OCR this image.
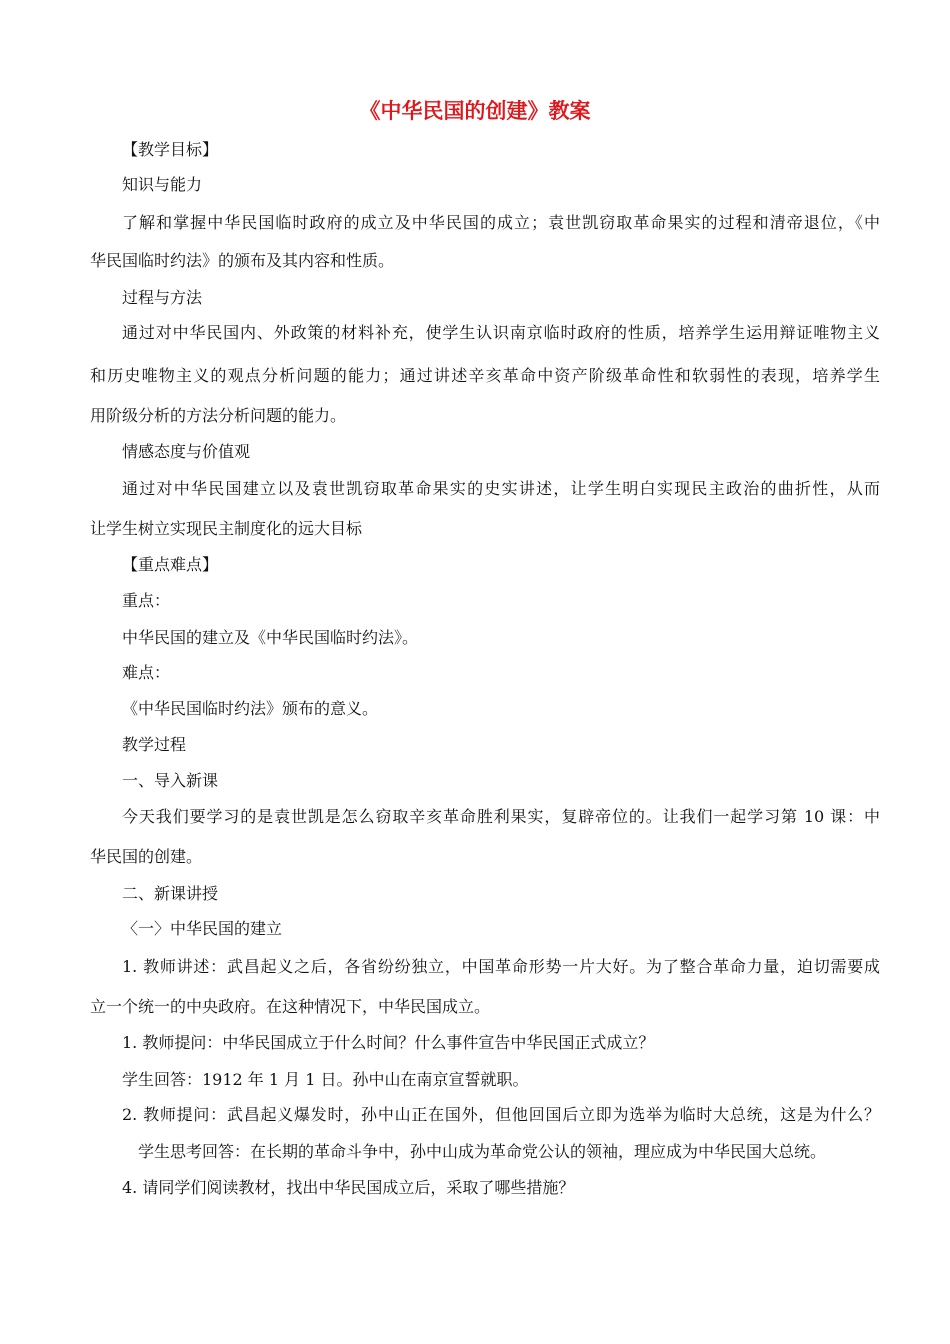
《中华民国的创建》教案
【教学目标】
知识与能力
了解和掌握中华民国临时政府的成立及中华民国的成立；袁世凯窃取革命果实的过程和清帝退位，《中
华民国临时约法》的颁布及其内容和性质。
过程与方法
通过对中华民国内、外政策的材料补充，使学生认识南京临时政府的性质，培养学生运用辩证唯物主义
和历史唯物主义的观点分析问题的能力；通过讲述辛亥革命中资产阶级革命性和软弱性的表现，培养学生
用阶级分析的方法分析问题的能力。
情感态度与价值观
通过对中华民国建立以及袁世凯窃取革命果实的史实讲述，让学生明白实现民主政治的曲折性，从而
让学生树立实现民主制度化的远大目标
【重点难点】
重点：
中华民国的建立及《中华民国临时约法》。
难点：
《中华民国临时约法》颁布的意义。
教学过程
一、导入新课
今天我们要学习的是袁世凯是怎么窃取辛亥革命胜利果实，复辟帝位的。让我们一起学习第 10 课：中
华民国的创建。
二、新课讲授
〈一〉中华民国的建立
1. 教师讲述：武昌起义之后，各省纷纷独立，中国革命形势一片大好。为了整合革命力量，迫切需要成
立一个统一的中央政府。在这种情况下，中华民国成立。
1. 教师提问：中华民国成立于什么时间？什么事件宣告中华民国正式成立？
学生回答：1912 年 1 月 1 日。孙中山在南京宣誓就职。
2. 教师提问：武昌起义爆发时，孙中山正在国外，但他回国后立即为选举为临时大总统，这是为什么？
学生思考回答：在长期的革命斗争中，孙中山成为革命党公认的领袖，理应成为中华民国大总统。
4. 请同学们阅读教材，找出中华民国成立后，采取了哪些措施？
